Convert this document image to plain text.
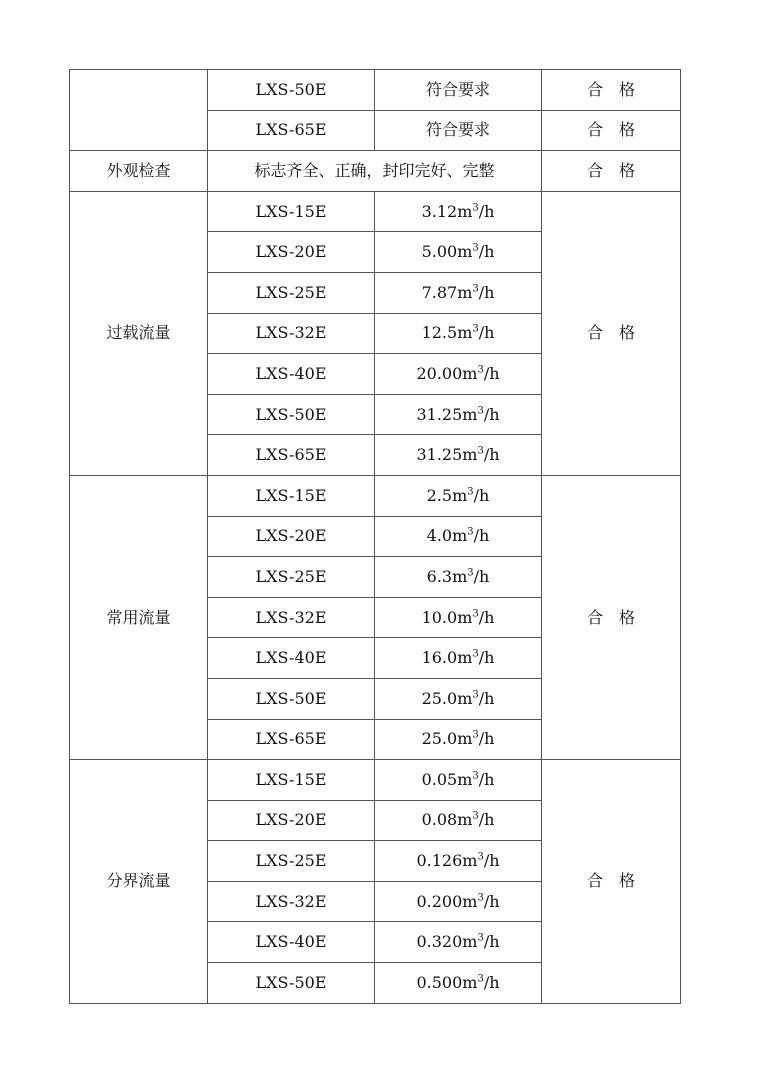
	LXS-50E	符合要求	合　格
	LXS-65E	符合要求	合　格
外观检查	标志齐全、正确，封印完好、完整		合　格
过载流量	LXS-15E	$3.12m^3/h$	合　格
	LXS-20E	$5.00m^3/h$	
	LXS-25E	$7.87m^3/h$	
	LXS-32E	$12.5m^3/h$	
	LXS-40E	$20.00m^3/h$	
	LXS-50E	$31.25m^3/h$	
	LXS-65E	$31.25m^3/h$	
常用流量	LXS-15E	$2.5m^3/h$	合　格
	LXS-20E	$4.0m^3/h$	
	LXS-25E	$6.3m^3/h$	
	LXS-32E	$10.0m^3/h$	
	LXS-40E	$16.0m^3/h$	
	LXS-50E	$25.0m^3/h$	
	LXS-65E	$25.0m^3/h$	
分界流量	LXS-15E	$0.05m^3/h$	合　格
	LXS-20E	$0.08m^3/h$	
	LXS-25E	$0.126m^3/h$	
	LXS-32E	$0.200m^3/h$	
	LXS-40E	$0.320m^3/h$	
	LXS-50E	$0.500m^3/h$	
